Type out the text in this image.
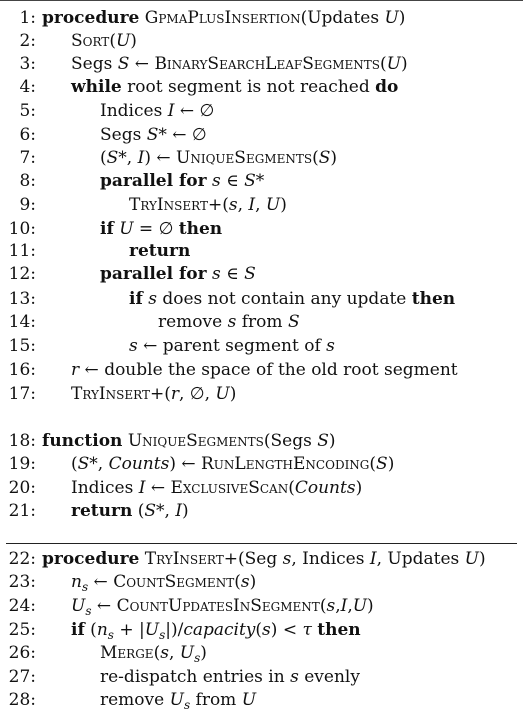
1: procedure GpmaPlusInsertion(Updates U)
2: Sort(U)
3: Segs S ← BinarySearchLeafSegments(U)
4: while root segment is not reached do
5:	Indices I ← ∅
6:	Segs S* ← ∅
7:	(S*, I) ← UniqueSegments(S)
8:	parallel for s ∈ S*
9:	TryInsert+(s, I, U)
10:	if U = ∅ then
11:	return
12:	parallel for s ∈ S
13:	if s does not contain any update then
14:	remove s from S
15:	s ← parent segment of s
16: r ← double the space of the old root segment
17: TryInsert+(r, ∅, U)
18: function UniqueSegments(Segs S)
19: (S*, Counts) ← RunLengthEncoding(S)
20: Indices I ← ExclusiveScan(Counts)
21: return (S*, I)
22: procedure TryInsert+(Seg s, Indices I, Updates U)
23: $n_s$ ← CountSegment(s)
24: $U_s$ ← CountUpdatesInSegment(s,I,U)
25: if ($n_s$ + $|U_s|)/capacity(s) < \tau$ then
26:	Merge(s, $U_s$)
27:	re-dispatch entries in s evenly
28:	remove $U_s$ from U
